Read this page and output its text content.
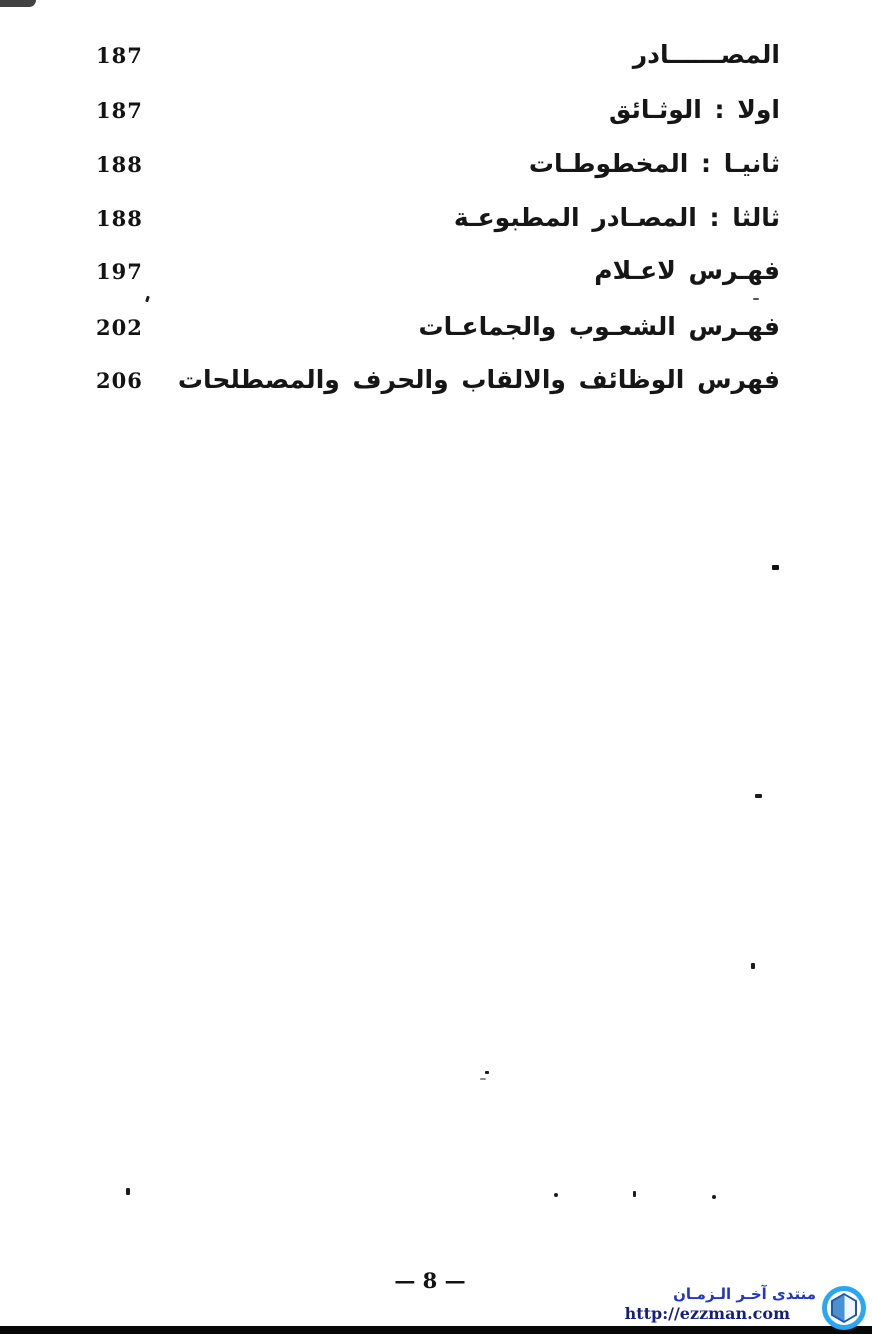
187	المصــــــادر
187	اولا : الوثـائق
188	ثانيـا : المخطوطـات
188	ثالثا : المصـادر المطبوعـة
197	فهـرس لاعـلام
202	فهـرس الشعـوب والجماعـات
206 فهرس الوظائف والالقاب والحرف والمصطلحات
— 8 —
منتدى آخـر الـزمـان
http://ezzman.com
